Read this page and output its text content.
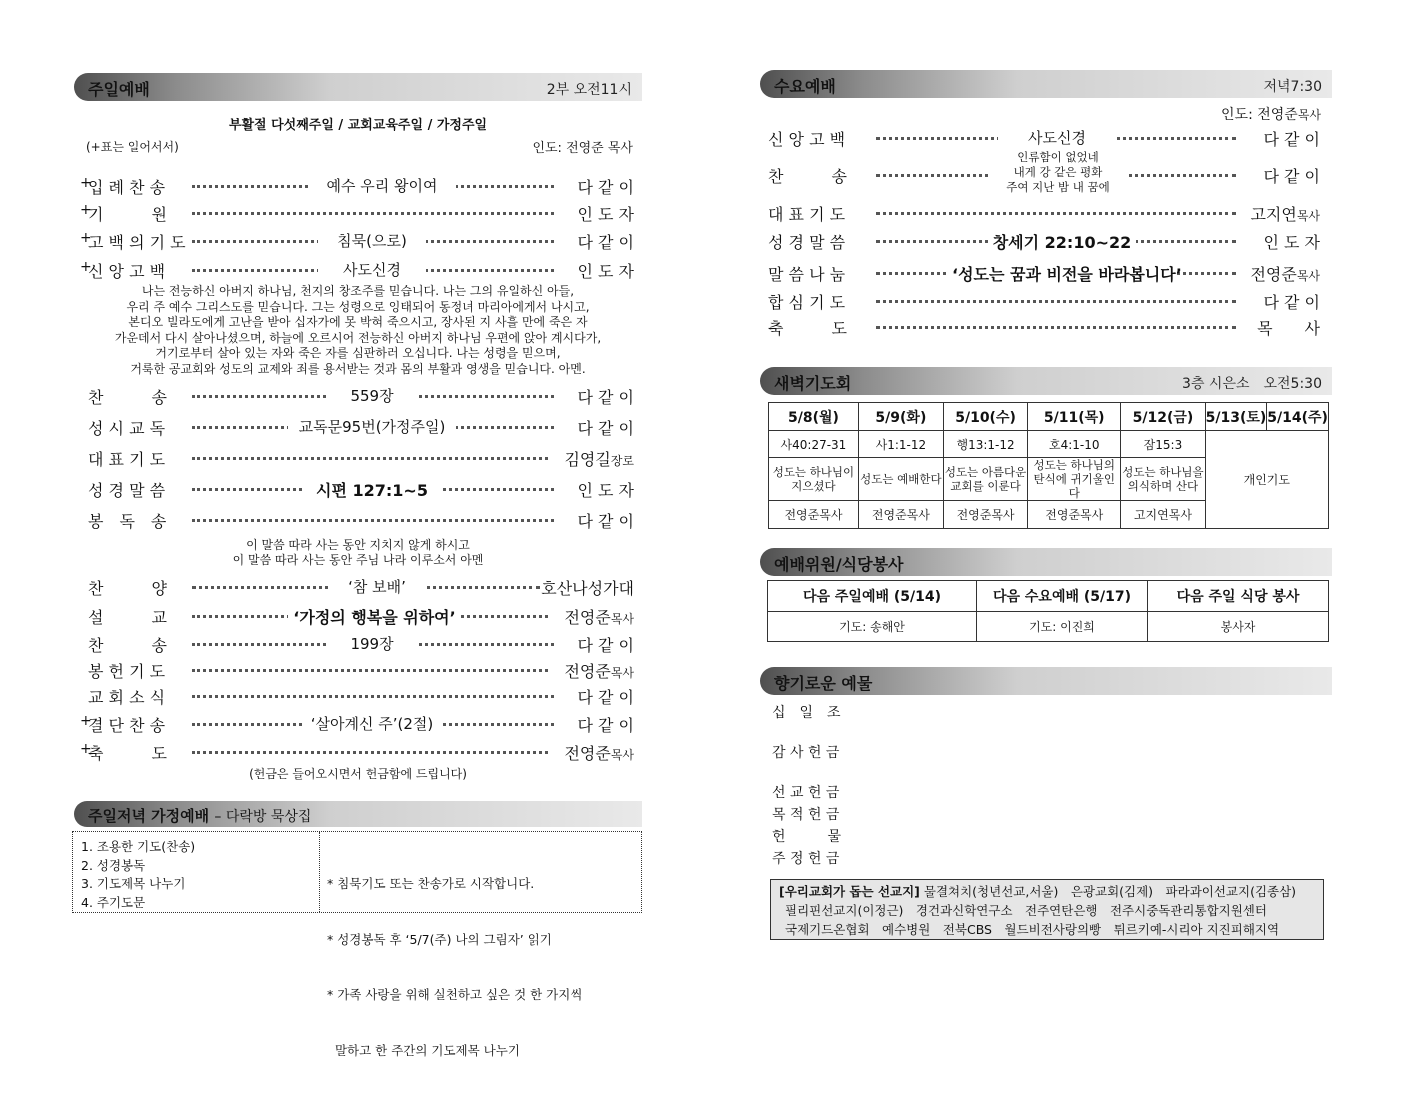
주일예배	2부 오전11시
부활절 다섯째주일 / 교회교육주일 / 가정주일
(+표는 일어서서)	인도: 전영준 목사
+
입 례 찬 송	예수 우리 왕이여	다 같 이
+
기　　　원	인 도 자
+
고 백 의 기 도	침묵(으로)	다 같 이
+
신 앙 고 백	사도신경	인 도 자
나는 전능하신 아버지 하나님, 천지의 창조주를 믿습니다. 나는 그의 유일하신 아들,
우리 주 예수 그리스도를 믿습니다. 그는 성령으로 잉태되어 동정녀 마리아에게서 나시고,
본디오 빌라도에게 고난을 받아 십자가에 못 박혀 죽으시고, 장사된 지 사흘 만에 죽은 자
가운데서 다시 살아나셨으며, 하늘에 오르시어 전능하신 아버지 하나님 우편에 앉아 계시다가,
거기로부터 살아 있는 자와 죽은 자를 심판하러 오십니다. 나는 성령을 믿으며,
거룩한 공교회와 성도의 교제와 죄를 용서받는 것과 몸의 부활과 영생을 믿습니다. 아멘.
찬　　　송	559장	다 같 이
성 시 교 독	교독문95번(가정주일)	다 같 이
대 표 기 도	김영길장로
성 경 말 씀	시편 127:1~5	인 도 자
봉　독　송	다 같 이
이 말씀 따라 사는 동안 지치지 않게 하시고
이 말씀 따라 사는 동안 주님 나라 이루소서 아멘
찬　　　양	‘참 보배’	호산나성가대
설　　　교	‘가정의 행복을 위하여’	전영준목사
찬　　　송	199장	다 같 이
봉 헌 기 도	전영준목사
교 회 소 식	다 같 이
+
결 단 찬 송	‘살아계신 주’(2절)	다 같 이
+
축　　　도	전영준목사
(헌금은 들어오시면서 헌금함에 드립니다)
주일저녁 가정예배 – 다락방 묵상집
1. 조용한 기도(찬송)
2. 성경봉독
3. 기도제목 나누기
4. 주기도문

* 침묵기도 또는 찬송가로 시작합니다.

* 성경봉독 후 ‘5/7(주) 나의 그림자’ 읽기

* 가족 사랑을 위해 실천하고 싶은 것 한 가지씩

말하고 한 주간의 기도제목 나누기

수요예배	저녁7:30
인도: 전영준목사
신 앙 고 백	사도신경	다 같 이
찬　　　송
인류함이 없었네
내게 강 같은 평화
주여 지난 밤 내 꿈에
다 같 이
대 표 기 도	고지연목사
성 경 말 씀	창세기 22:10~22	인 도 자
말 씀 나 눔	‘성도는 꿈과 비전을 바라봅니다’	전영준목사
합 심 기 도	다 같 이
축　　　도	목　　사
새벽기도회	3층 시은소　오전5:30
5/8(월)	5/9(화)	5/10(수)	5/11(목)	5/12(금)	5/13(토)	5/14(주)
사40:27-31	사1:1-12	행13:1-12	호4:1-10	잠15:3	개인기도	
성도는 하나님이 지으셨다	성도는 예배한다	성도는 아름다운 교회를 이룬다	성도는 하나님의 탄식에 귀기울인다	성도는 하나님을 의식하며 산다		
전영준목사	전영준목사	전영준목사	전영준목사	고지연목사		
예배위원/식당봉사
다음 주일예배 (5/14)	다음 수요예배 (5/17)	다음 주일 식당 봉사
기도: 송해안	기도: 이진희	봉사자
향기로운 예물
십　일　조
감 사 헌 금
선 교 헌 금
목 적 헌 금
헌　　　물
주 정 헌 금
[우리교회가 돕는 선교지] 물결쳐치(청년선교,서울)　은광교회(김제)　파라과이선교지(김종삼)
필리핀선교지(이정근)　경건과신학연구소　전주연탄은행　전주시중독관리통합지원센터
국제기드온협회　예수병원　전북CBS　월드비전사랑의빵　튀르키예-시리아 지진피해지역
